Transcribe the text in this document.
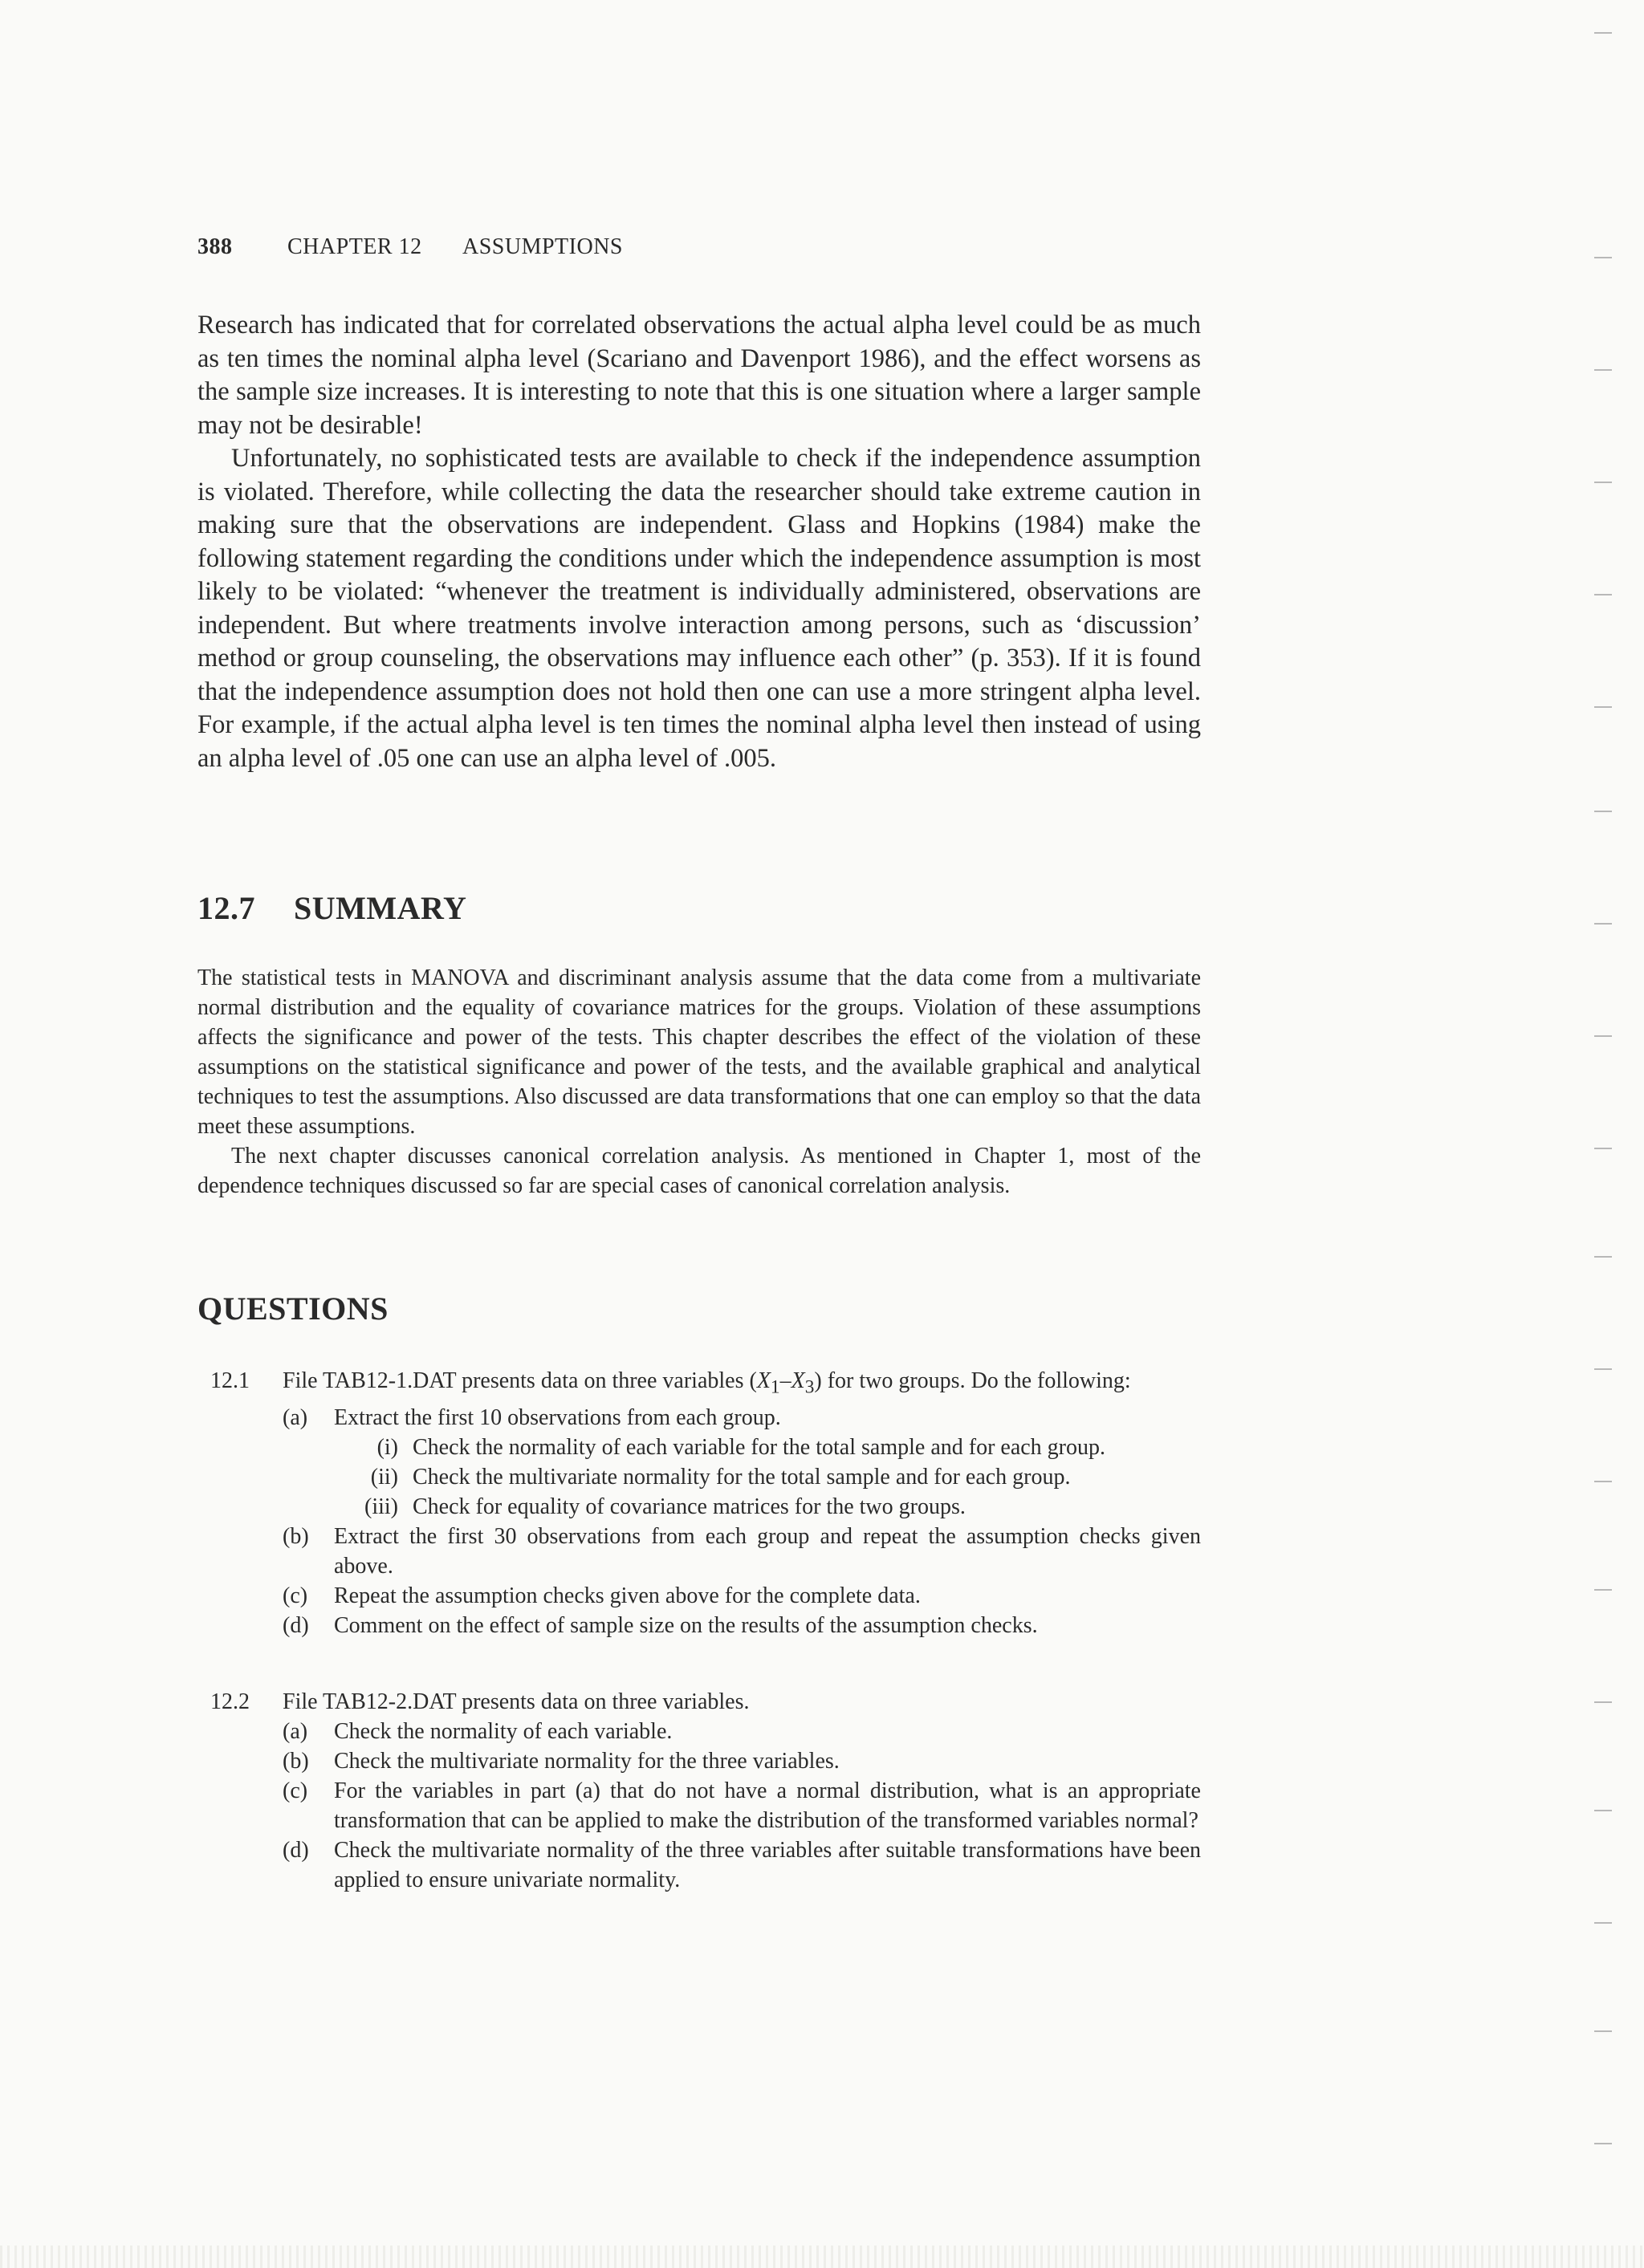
388 CHAPTER 12 ASSUMPTIONS

Research has indicated that for correlated observations the actual alpha level could be as much as ten times the nominal alpha level (Scariano and Davenport 1986), and the effect worsens as the sample size increases. It is interesting to note that this is one situation where a larger sample may not be desirable!

Unfortunately, no sophisticated tests are available to check if the independence assumption is violated. Therefore, while collecting the data the researcher should take extreme caution in making sure that the observations are independent. Glass and Hopkins (1984) make the following statement regarding the conditions under which the independence assumption is most likely to be violated: “whenever the treatment is individually administered, observations are independent. But where treatments involve interaction among persons, such as ‘discussion’ method or group counseling, the observations may influence each other” (p. 353). If it is found that the independence assumption does not hold then one can use a more stringent alpha level. For example, if the actual alpha level is ten times the nominal alpha level then instead of using an alpha level of .05 one can use an alpha level of .005.

12.7 SUMMARY

The statistical tests in MANOVA and discriminant analysis assume that the data come from a multivariate normal distribution and the equality of covariance matrices for the groups. Violation of these assumptions affects the significance and power of the tests. This chapter describes the effect of the violation of these assumptions on the statistical significance and power of the tests, and the available graphical and analytical techniques to test the assumptions. Also discussed are data transformations that one can employ so that the data meet these assumptions.

The next chapter discusses canonical correlation analysis. As mentioned in Chapter 1, most of the dependence techniques discussed so far are special cases of canonical correlation analysis.

QUESTIONS
12.1	File TAB12-1.DAT presents data on three variables $(X_1-X_3)$ for two groups. Do the following:
(a)	Extract the first 10 observations from each group.
(i) Check the normality of each variable for the total sample and for each group.
(ii) Check the multivariate normality for the total sample and for each group.
(iii) Check for equality of covariance matrices for the two groups.
(b)	Extract the first 30 observations from each group and repeat the assumption checks given above.
(c)	Repeat the assumption checks given above for the complete data.
(d)	Comment on the effect of sample size on the results of the assumption checks.
12.2	File TAB12-2.DAT presents data on three variables.
(a)	Check the normality of each variable.
(b)	Check the multivariate normality for the three variables.
(c)	For the variables in part (a) that do not have a normal distribution, what is an appropriate transformation that can be applied to make the distribution of the transformed variables normal?
(d)	Check the multivariate normality of the three variables after suitable transformations have been applied to ensure univariate normality.
